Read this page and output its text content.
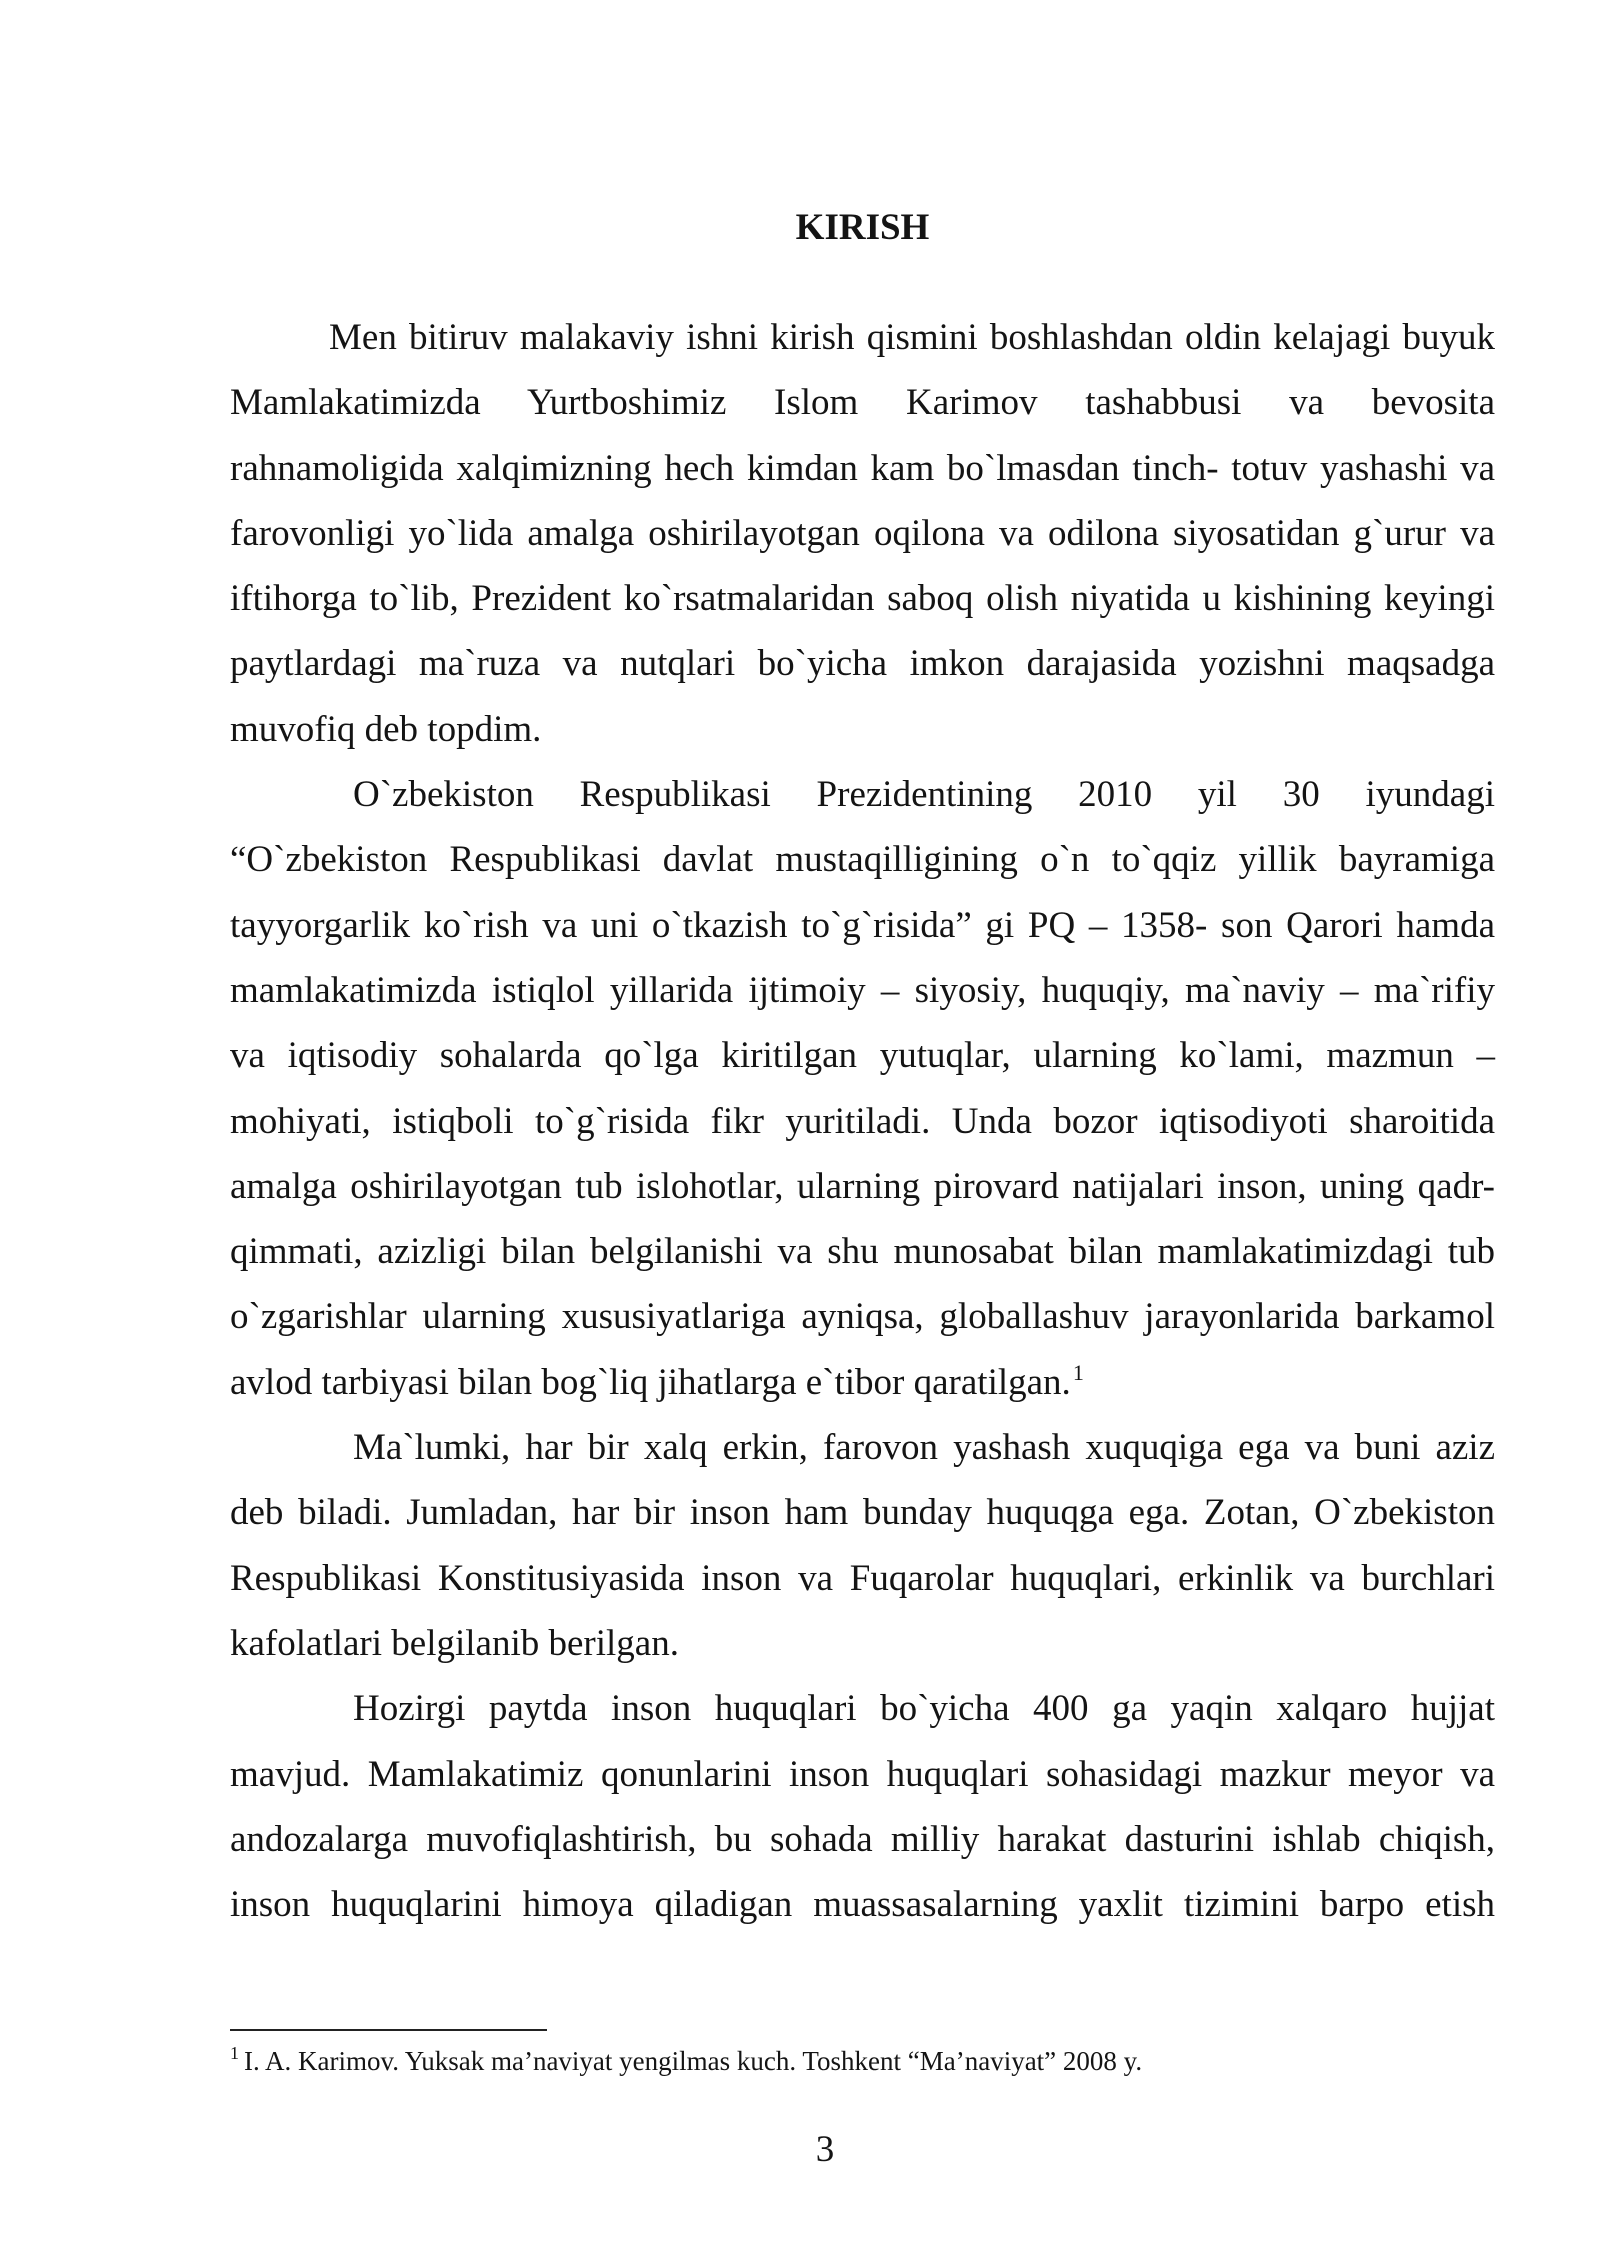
KIRISH
Men bitiruv malakaviy ishni kirish qismini boshlashdan oldin kelajagi buyuk
Mamlakatimizda Yurtboshimiz Islom Karimov tashabbusi va bevosita
rahnamoligida xalqimizning hech kimdan kam bo`lmasdan tinch- totuv yashashi va
farovonligi yo`lida amalga oshirilayotgan oqilona va odilona siyosatidan g`urur va
iftihorga to`lib, Prezident ko`rsatmalaridan saboq olish niyatida u kishining keyingi
paytlardagi ma`ruza va nutqlari bo`yicha imkon darajasida yozishni maqsadga
muvofiq deb topdim.
O`zbekiston Respublikasi Prezidentining 2010 yil 30 iyundagi
“O`zbekiston Respublikasi davlat mustaqilligining o`n to`qqiz yillik bayramiga
tayyorgarlik ko`rish va uni o`tkazish to`g`risida” gi PQ – 1358- son Qarori hamda
mamlakatimizda istiqlol yillarida ijtimoiy – siyosiy, huquqiy, ma`naviy – ma`rifiy
va iqtisodiy sohalarda qo`lga kiritilgan yutuqlar, ularning ko`lami, mazmun –
mohiyati, istiqboli to`g`risida fikr yuritiladi. Unda bozor iqtisodiyoti sharoitida
amalga oshirilayotgan tub islohotlar, ularning pirovard natijalari inson, uning qadr-
qimmati, azizligi bilan belgilanishi va shu munosabat bilan mamlakatimizdagi tub
o`zgarishlar ularning xususiyatlariga ayniqsa, globallashuv jarayonlarida barkamol
avlod tarbiyasi bilan bog`liq jihatlarga e`tibor qaratilgan.$^1$
Ma`lumki, har bir xalq erkin, farovon yashash xuquqiga ega va buni aziz
deb biladi. Jumladan, har bir inson ham bunday huquqga ega. Zotan, O`zbekiston
Respublikasi Konstitusiyasida inson va Fuqarolar huquqlari, erkinlik va burchlari
kafolatlari belgilanib berilgan.
Hozirgi paytda inson huquqlari bo`yicha 400 ga yaqin xalqaro hujjat
mavjud. Mamlakatimiz qonunlarini inson huquqlari sohasidagi mazkur meyor va
andozalarga muvofiqlashtirish, bu sohada milliy harakat dasturini ishlab chiqish,
inson huquqlarini himoya qiladigan muassasalarning yaxlit tizimini barpo etish
$^1$ I. A. Karimov. Yuksak ma’naviyat yengilmas kuch. Toshkent “Ma’naviyat” 2008 y.
3
